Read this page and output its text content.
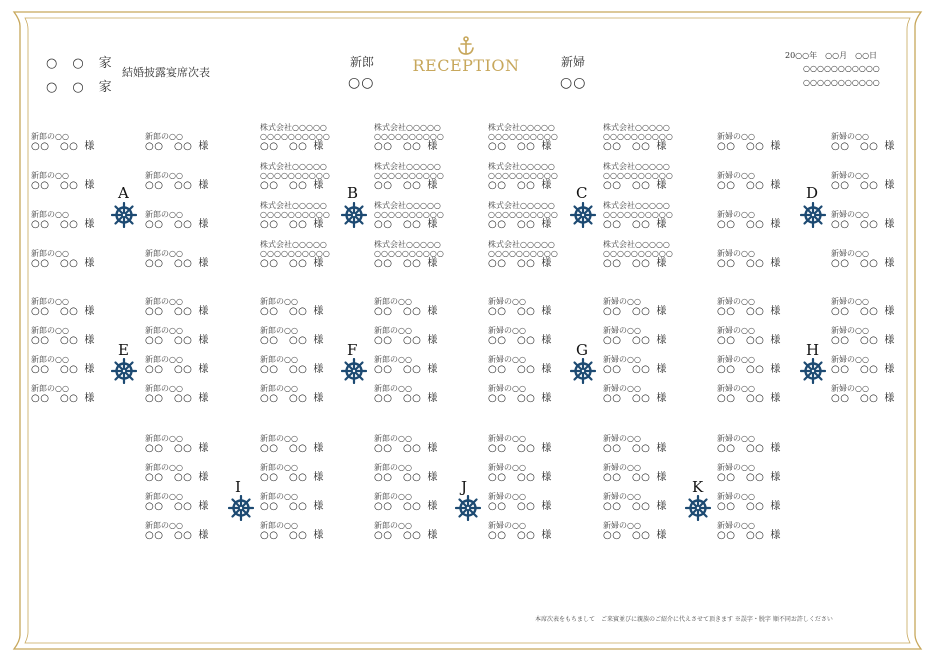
○　○　家
○　○　家
結婚披露宴席次表
新郎
○○
RECEPTION	新婦
○○
20○○年　○○月　○○日
○○○○○○○○○○○
○○○○○○○○○○○
新郎の○○
○○　○○ 様
新郎の○○
○○　○○ 様
新郎の○○
○○　○○ 様
新郎の○○
○○　○○ 様
新郎の○○
○○　○○ 様
新郎の○○
○○　○○ 様
新郎の○○
○○　○○ 様
新郎の○○
○○　○○ 様
A
株式会社○○○○○
○○○○○○○○○○
○○　○○ 様
株式会社○○○○○
○○○○○○○○○○
○○　○○ 様
株式会社○○○○○
○○○○○○○○○○
○○　○○ 様
株式会社○○○○○
○○○○○○○○○○
○○　○○ 様
株式会社○○○○○
○○○○○○○○○○
○○　○○ 様
株式会社○○○○○
○○○○○○○○○○
○○　○○ 様
株式会社○○○○○
○○○○○○○○○○
○○　○○ 様
株式会社○○○○○
○○○○○○○○○○
○○　○○ 様
B
株式会社○○○○○
○○○○○○○○○○
○○　○○ 様
株式会社○○○○○
○○○○○○○○○○
○○　○○ 様
株式会社○○○○○
○○○○○○○○○○
○○　○○ 様
株式会社○○○○○
○○○○○○○○○○
○○　○○ 様
株式会社○○○○○
○○○○○○○○○○
○○　○○ 様
株式会社○○○○○
○○○○○○○○○○
○○　○○ 様
株式会社○○○○○
○○○○○○○○○○
○○　○○ 様
株式会社○○○○○
○○○○○○○○○○
○○　○○ 様
C
新婦の○○
○○　○○ 様
新婦の○○
○○　○○ 様
新婦の○○
○○　○○ 様
新婦の○○
○○　○○ 様
新婦の○○
○○　○○ 様
新婦の○○
○○　○○ 様
新婦の○○
○○　○○ 様
新婦の○○
○○　○○ 様
D
新郎の○○
○○　○○ 様
新郎の○○
○○　○○ 様
新郎の○○
○○　○○ 様
新郎の○○
○○　○○ 様
新郎の○○
○○　○○ 様
新郎の○○
○○　○○ 様
新郎の○○
○○　○○ 様
新郎の○○
○○　○○ 様
E
新郎の○○
○○　○○ 様
新郎の○○
○○　○○ 様
新郎の○○
○○　○○ 様
新郎の○○
○○　○○ 様
新郎の○○
○○　○○ 様
新郎の○○
○○　○○ 様
新郎の○○
○○　○○ 様
新郎の○○
○○　○○ 様
F
新婦の○○
○○　○○ 様
新婦の○○
○○　○○ 様
新婦の○○
○○　○○ 様
新婦の○○
○○　○○ 様
新婦の○○
○○　○○ 様
新婦の○○
○○　○○ 様
新婦の○○
○○　○○ 様
新婦の○○
○○　○○ 様
G
新婦の○○
○○　○○ 様
新婦の○○
○○　○○ 様
新婦の○○
○○　○○ 様
新婦の○○
○○　○○ 様
新婦の○○
○○　○○ 様
新婦の○○
○○　○○ 様
新婦の○○
○○　○○ 様
新婦の○○
○○　○○ 様
H
新郎の○○
○○　○○ 様
新郎の○○
○○　○○ 様
新郎の○○
○○　○○ 様
新郎の○○
○○　○○ 様
新郎の○○
○○　○○ 様
新郎の○○
○○　○○ 様
新郎の○○
○○　○○ 様
新郎の○○
○○　○○ 様
I
新郎の○○
○○　○○ 様
新郎の○○
○○　○○ 様
新郎の○○
○○　○○ 様
新郎の○○
○○　○○ 様
新婦の○○
○○　○○ 様
新婦の○○
○○　○○ 様
新婦の○○
○○　○○ 様
新婦の○○
○○　○○ 様
J
新婦の○○
○○　○○ 様
新婦の○○
○○　○○ 様
新婦の○○
○○　○○ 様
新婦の○○
○○　○○ 様
新婦の○○
○○　○○ 様
新婦の○○
○○　○○ 様
新婦の○○
○○　○○ 様
新婦の○○
○○　○○ 様
K
本席次表をもちまして　ご来賓並びに親族のご紹介に代えさせて頂きます ※誤字・脱字 順不同お許しください
